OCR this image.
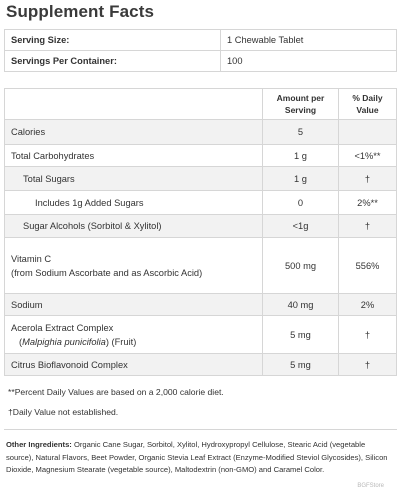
Supplement Facts
Serving Size:	1 Chewable Tablet
Servings Per Container:	100
	Amount per Serving	% Daily Value
Calories	5	
Total Carbohydrates	1 g	<1%**
Total Sugars	1 g	†
Includes 1g Added Sugars	0	2%**
Sugar Alcohols (Sorbitol & Xylitol)	<1g	†
Vitamin C
(from Sodium Ascorbate and as Ascorbic Acid)	500 mg	556%
Sodium	40 mg	2%
Acerola Extract Complex
(Malpighia punicifolia) (Fruit)	5 mg	†
Citrus Bioflavonoid Complex	5 mg	†

**Percent Daily Values are based on a 2,000 calorie diet.

†Daily Value not established.

Other Ingredients: Organic Cane Sugar, Sorbitol, Xylitol, Hydroxypropyl Cellulose, Stearic Acid (vegetable source), Natural Flavors, Beet Powder, Organic Stevia Leaf Extract (Enzyme-Modified Steviol Glycosides), Silicon Dioxide, Magnesium Stearate (vegetable source), Maltodextrin (non-GMO) and Caramel Color.

BGFStore
